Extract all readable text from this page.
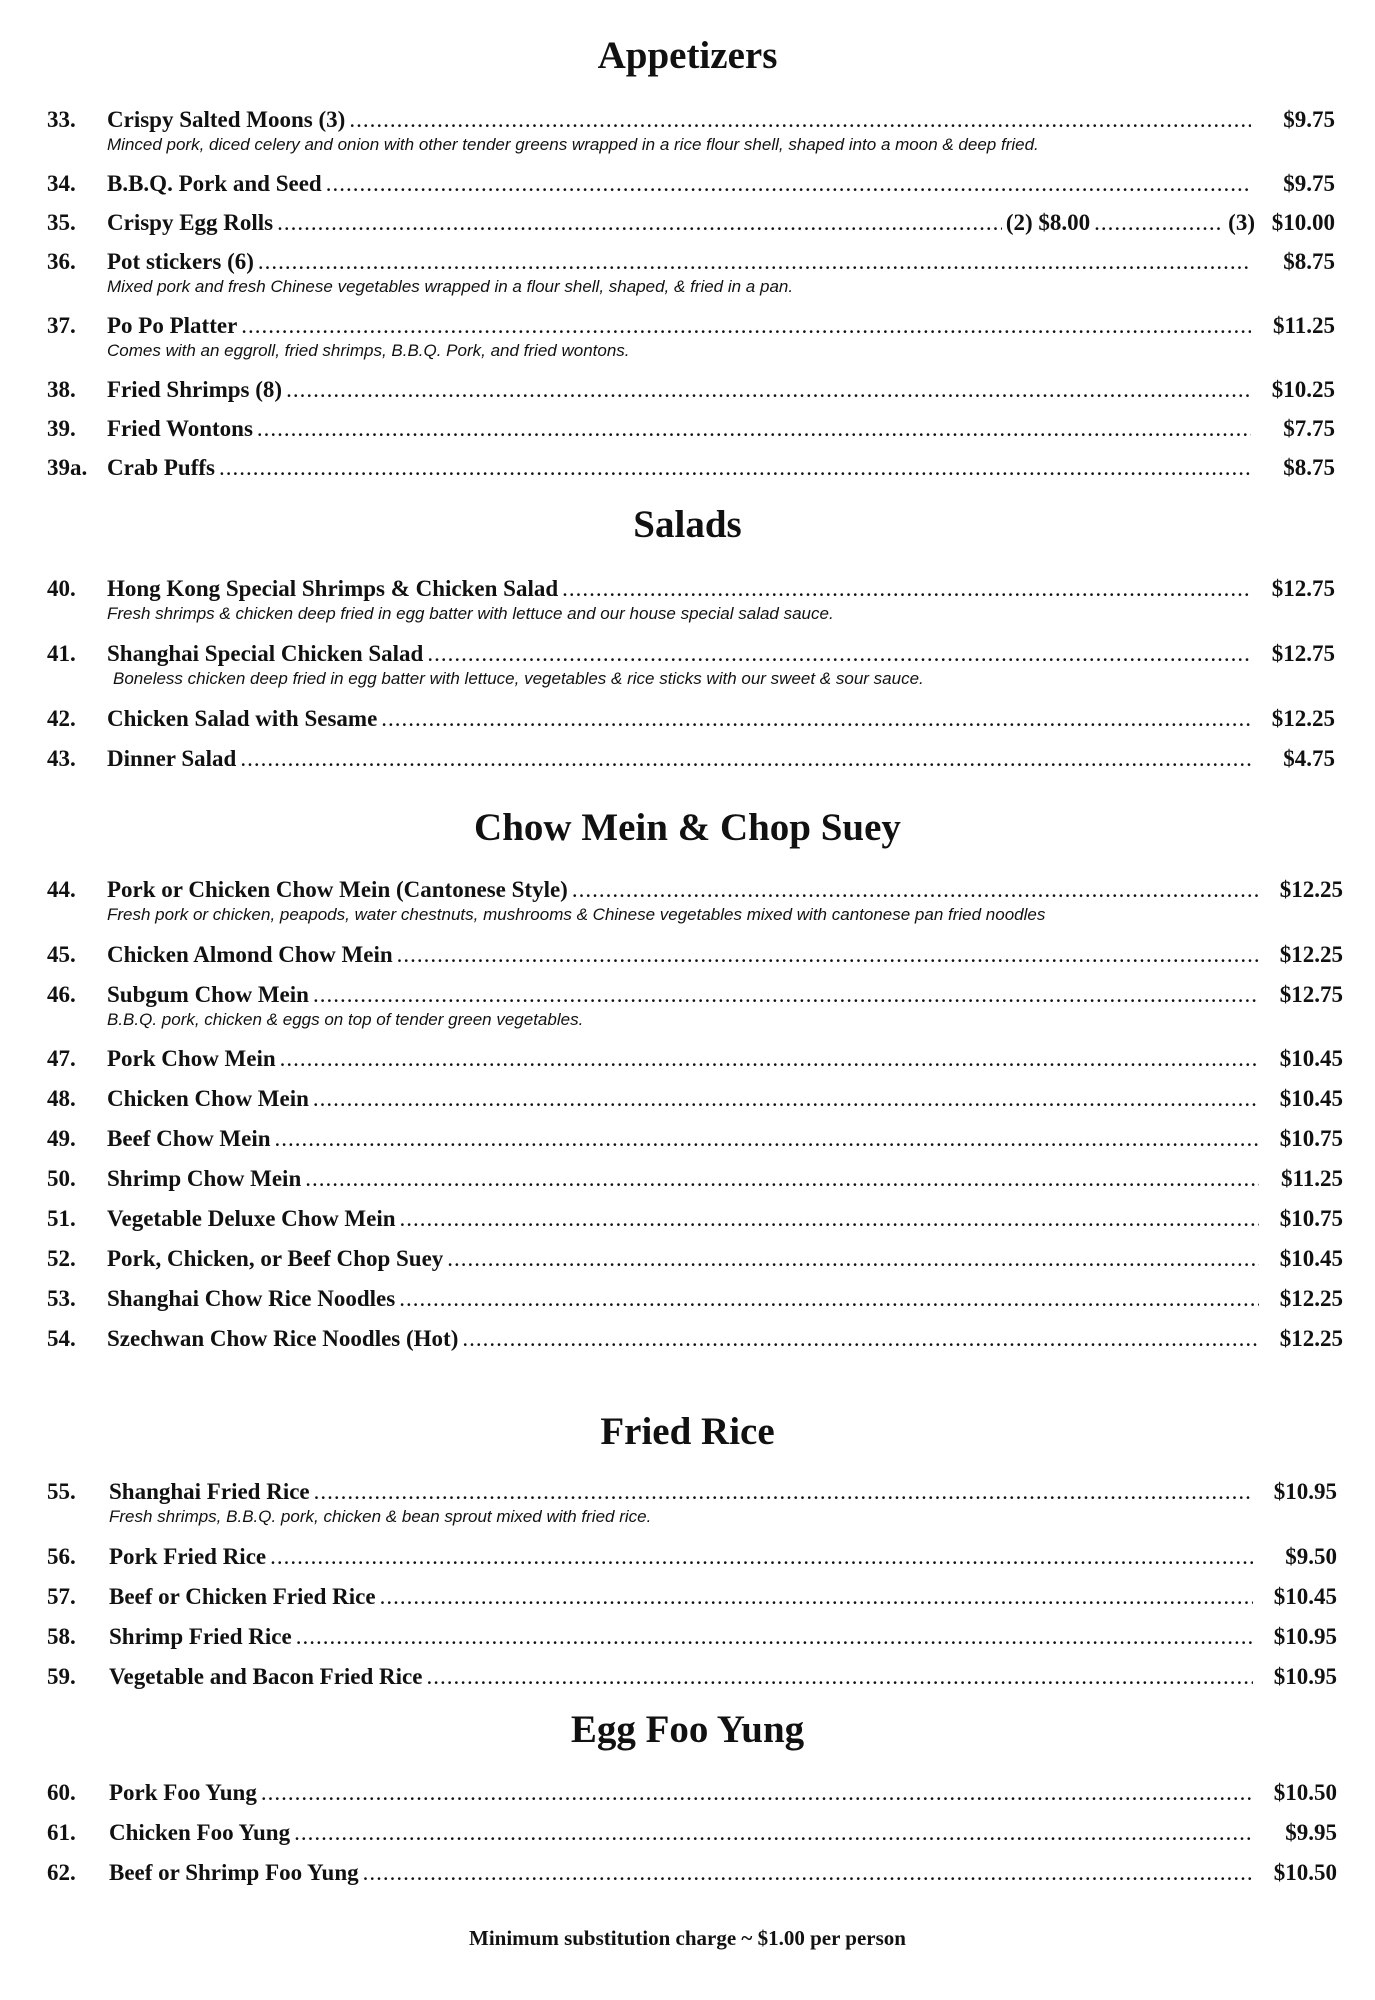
Appetizers
33.	Crispy Salted Moons (3) .....	$9.75
Minced pork, diced celery and onion with other tender greens wrapped in a rice flour shell, shaped into a moon & deep fried.
34.	B.B.Q. Pork and Seed .....	$9.75
35.	Crispy Egg Rolls .....	(2) $8.00 .....	(3) $10.00
36.	Pot stickers (6) .....	$8.75
Mixed pork and fresh Chinese vegetables wrapped in a flour shell, shaped, & fried in a pan.
37.	Po Po Platter .....	$11.25
Comes with an eggroll, fried shrimps, B.B.Q. Pork, and fried wontons.
38.	Fried Shrimps (8) .....	$10.25
39.	Fried Wontons .....	$7.75
39a. Crab Puffs .....	$8.75
Salads
40.	Hong Kong Special Shrimps & Chicken Salad .....	$12.75
Fresh shrimps & chicken deep fried in egg batter with lettuce and our house special salad sauce.
41.	Shanghai Special Chicken Salad .....	$12.75
Boneless chicken deep fried in egg batter with lettuce, vegetables & rice sticks with our sweet & sour sauce.
42.	Chicken Salad with Sesame .....	$12.25
43.	Dinner Salad .....	$4.75
Chow Mein & Chop Suey
44.	Pork or Chicken Chow Mein (Cantonese Style) .....	$12.25
Fresh pork or chicken, peapods, water chestnuts, mushrooms & Chinese vegetables mixed with cantonese pan fried noodles
45.	Chicken Almond Chow Mein .....	$12.25
46.	Subgum Chow Mein .....	$12.75
B.B.Q. pork, chicken & eggs on top of tender green vegetables.
47.	Pork Chow Mein .....	$10.45
48.	Chicken Chow Mein .....	$10.45
49.	Beef Chow Mein .....	$10.75
50.	Shrimp Chow Mein .....	$11.25
51.	Vegetable Deluxe Chow Mein .....	$10.75
52.	Pork, Chicken, or Beef Chop Suey .....	$10.45
53.	Shanghai Chow Rice Noodles .....	$12.25
54.	Szechwan Chow Rice Noodles (Hot) .....	$12.25
Fried Rice
55.	Shanghai Fried Rice .....	$10.95
Fresh shrimps, B.B.Q. pork, chicken & bean sprout mixed with fried rice.
56.	Pork Fried Rice .....	$9.50
57.	Beef or Chicken Fried Rice .....	$10.45
58.	Shrimp Fried Rice .....	$10.95
59.	Vegetable and Bacon Fried Rice .....	$10.95
Egg Foo Yung
60.	Pork Foo Yung .....	$10.50
61.	Chicken Foo Yung .....	$9.95
62.	Beef or Shrimp Foo Yung .....	$10.50
Minimum substitution charge ~ $1.00 per person
